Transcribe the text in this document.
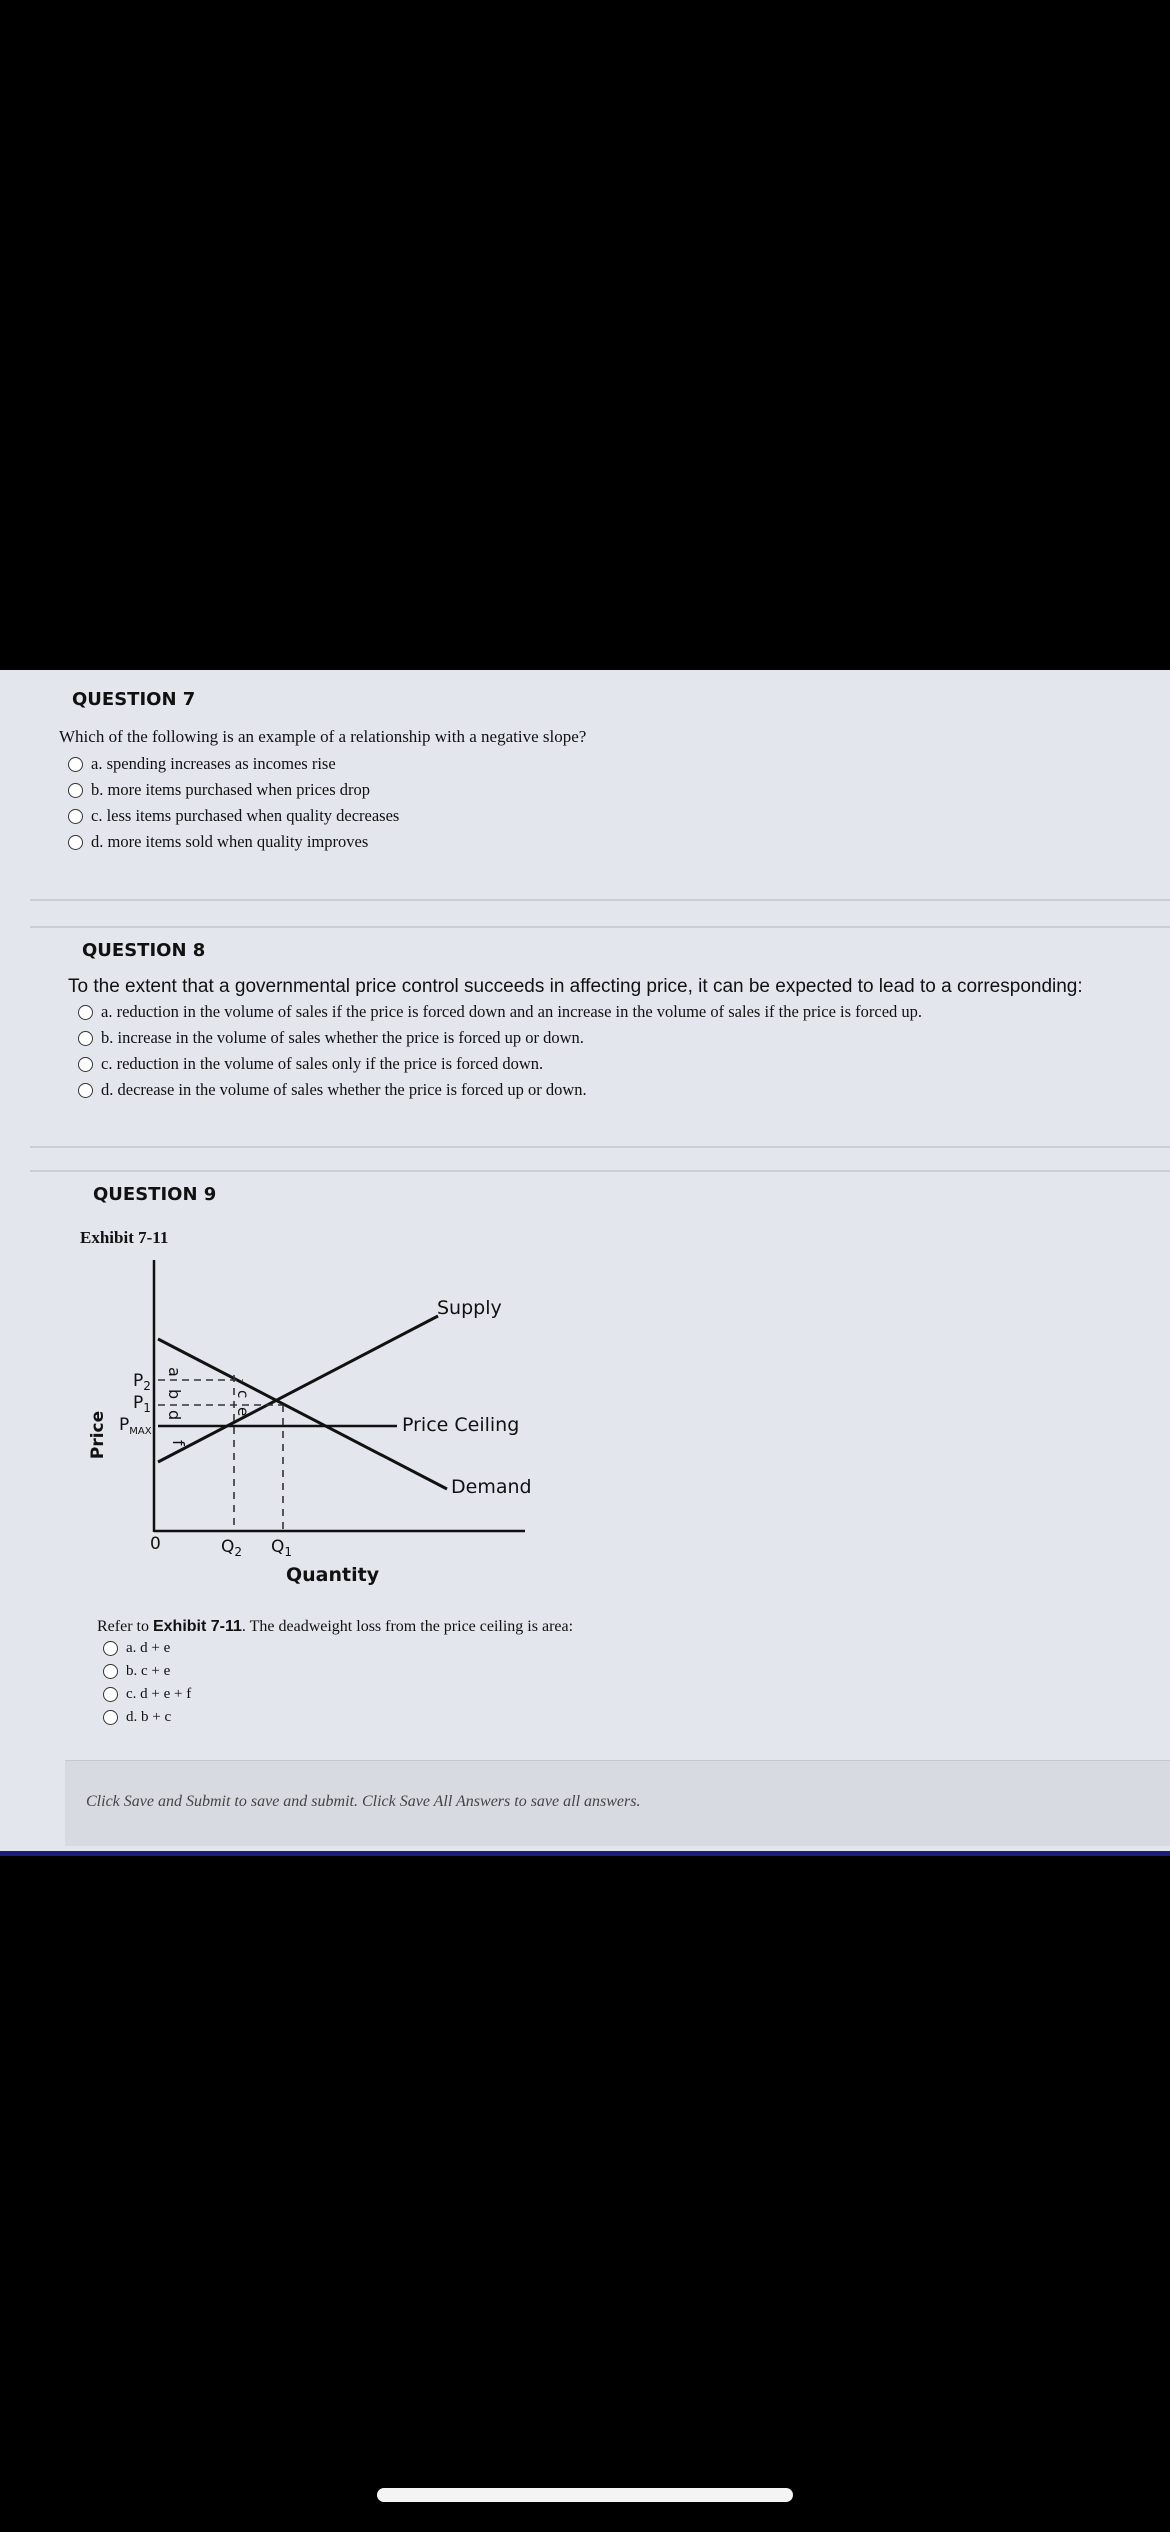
QUESTION 7
Which of the following is an example of a relationship with a negative slope?
a. spending increases as incomes rise
b. more items purchased when prices drop
c. less items purchased when quality decreases
d. more items sold when quality improves
QUESTION 8
To the extent that a governmental price control succeeds in affecting price, it can be expected to lead to a corresponding:
a. reduction in the volume of sales if the price is forced down and an increase in the volume of sales if the price is forced up.
b. increase in the volume of sales whether the price is forced up or down.
c. reduction in the volume of sales only if the price is forced down.
d. decrease in the volume of sales whether the price is forced up or down.
QUESTION 9
Exhibit 7-11
Price
Quantity
Supply
Price Ceiling
Demand
0
$P_2$
$P_1$
$P_{MAX}$
$Q_2$ $Q_1$
a
b
d
f
c
e
Refer to Exhibit 7-11. The deadweight loss from the price ceiling is area:
a. d + e
b. c + e
c. d + e + f
d. b + c
Click Save and Submit to save and submit. Click Save All Answers to save all answers.
